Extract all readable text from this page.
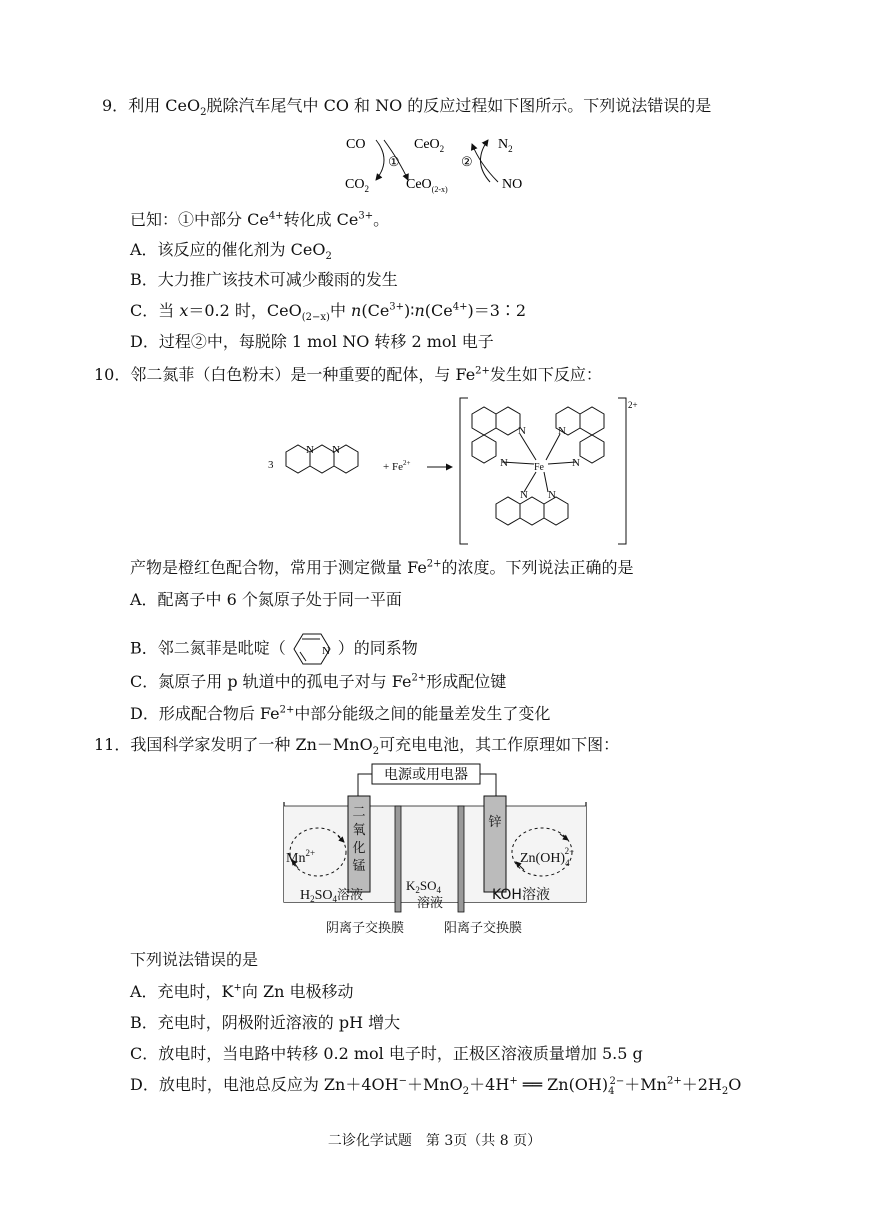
9．利用 CeO$_2$脱除汽车尾气中 CO 和 NO 的反应过程如下图所示。下列说法错误的是
CO
$CO_2$
CeO$_2$
CeO$_{(2-x)}$
$N_2$
NO
①	②
已知：①中部分 $Ce^{4+}$转化成 $Ce^{3+}$。
A．该反应的催化剂为 CeO$_2$
B．大力推广该技术可减少酸雨的发生
C．当 x＝0.2 时，CeO$_{(2-x)}$中 $n(Ce^{3+})∶n(Ce^{4+})=3∶2$
D．过程②中，每脱除 1 mol NO 转移 2 mol 电子
10．邻二氮菲（白色粉末）是一种重要的配体，与 $Fe^{2+}$发生如下反应：
3	+ $Fe^{2+}$
N N
2+
N	N
N	N
N N
Fe
产物是橙红色配合物，常用于测定微量 $Fe^{2+}$的浓度。下列说法正确的是
A．配离子中 6 个氮原子处于同一平面
B．邻二氮菲是吡啶（	N ）的同系物
C．氮原子用 p 轨道中的孤电子对与 $Fe^{2+}$形成配位键
D．形成配合物后 $Fe^{2+}$中部分能级之间的能量差发生了变化
11．我国科学家发明了一种 Zn－MnO$_2$可充电电池，其工作原理如下图：
电源或用电器
二
氧
化
锰
锌
$Mn^{2+}$	$Zn(OH)_42-$
$H_2SO_4$溶液
$K_2SO_4$
溶液
KOH溶液
阴离子交换膜	阳离子交换膜
下列说法错误的是
A．充电时，K+向 Zn 电极移动
B．充电时，阴极附近溶液的 pH 增大
C．放电时，当电路中转移 0.2 mol 电子时，正极区溶液质量增加 5.5 g
D．放电时，电池总反应为 Zn＋4OH−＋MnO$_2$＋4H+ ══ $Zn(OH)_4^{2-}+Mn^{2+}+2H_2O$
二诊化学试题　第 3页（共 8 页）
